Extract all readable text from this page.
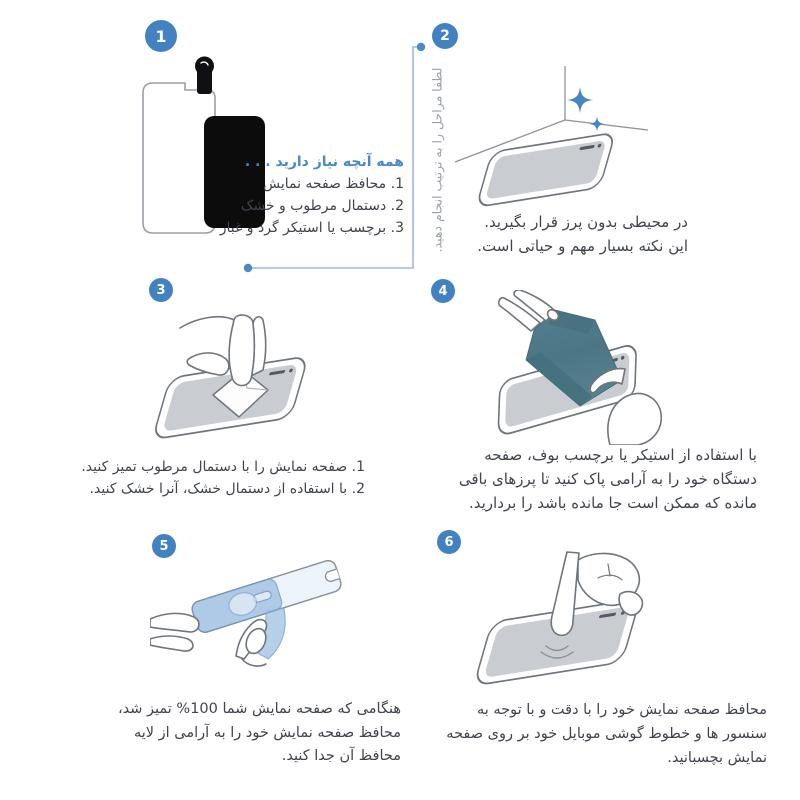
لطفا مراحل را به ترتیب انجام دهید.
1
همه آنچه نیاز دارید . . .
1. محافظ صفحه نمایش
2. دستمال مرطوب و خشک
3. برچسب یا استیکر گرد و غبار
2
در محیطی بدون پرز قرار بگیرید.
این نکته بسیار مهم و حیاتی است.
3
1. صفحه نمایش را با دستمال مرطوب تمیز کنید.
2. با استفاده از دستمال خشک، آنرا خشک کنید.
4
با استفاده از استیکر یا برچسب بوف، صفحه
دستگاه خود را به آرامی پاک کنید تا پرزهای باقی
مانده که ممکن است جا مانده باشد را بردارید.
5
هنگامی که صفحه نمایش شما 100‏% تمیز شد،
محافظ صفحه نمایش خود را به آرامی از لایه
محافظ آن جدا کنید.
6
محافظ صفحه نمایش خود را با دقت و با توجه به
سنسور ها و خطوط گوشی موبایل خود بر روی صفحه
نمایش بچسبانید.
